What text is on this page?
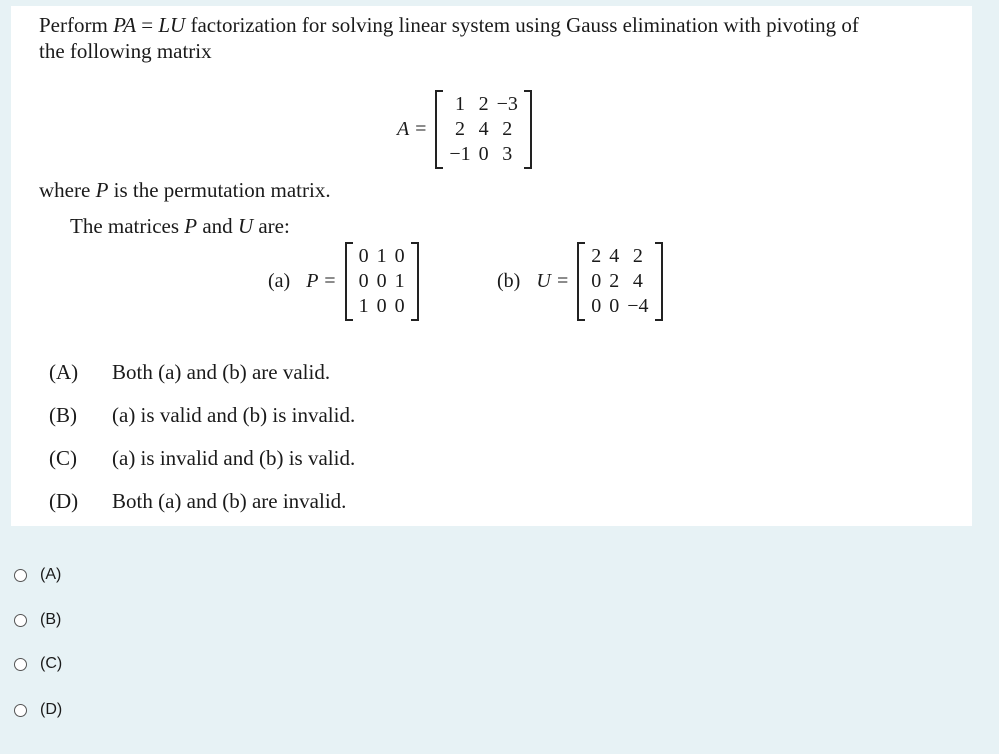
Perform PA = LU factorization for solving linear system using Gauss elimination with pivoting of
the following matrix
A =
1	2	−3
2	4	2
−1	0	3
where P is the permutation matrix.
The matrices P and U are:
(a) P =
0	1	0
0	0	1
1	0	0
(b) U =
2	4	2
0	2	4
0	0	−4
(A)	Both (a) and (b) are valid.
(B)	(a) is valid and (b) is invalid.
(C)	(a) is invalid and (b) is valid.
(D)	Both (a) and (b) are invalid.
(A)
(B)
(C)
(D)
